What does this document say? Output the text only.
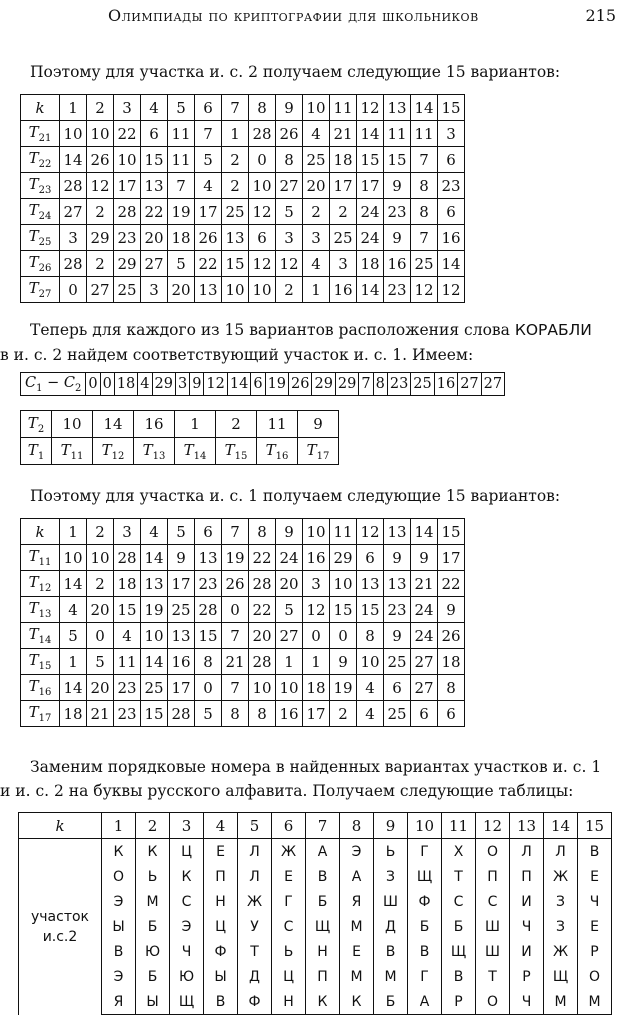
Олимпиады по криптографии для школьников	215
Поэтому для участка и. с. 2 получаем следующие 15 вариантов:
k	1	2	3	4	5	6	7	8	9	10	11	12	13	14	15
$T_{21}$	10	10	22	6	11	7	1	28	26	4	21	14	11	11	3
$T_{22}$	14	26	10	15	11	5	2	0	8	25	18	15	15	7	6
$T_{23}$	28	12	17	13	7	4	2	10	27	20	17	17	9	8	23
$T_{24}$	27	2	28	22	19	17	25	12	5	2	2	24	23	8	6
$T_{25}$	3	29	23	20	18	26	13	6	3	3	25	24	9	7	16
$T_{26}$	28	2	29	27	5	22	15	12	12	4	3	18	16	25	14
$T_{27}$	0	27	25	3	20	13	10	10	2	1	16	14	23	12	12
Теперь для каждого из 15 вариантов расположения слова КОРАБЛИ
в и. с. 2 найдем соответствующий участок и. с. 1. Имеем:
$C_1 - C_2$	0	0	18	4	29	3	9	12	14	6	19	26	29	29	7	8	23	25	16	27	27
$T_2$	10	14	16	1	2	11	9
$T_1$	$T_{11}$	$T_{12}$	$T_{13}$	$T_{14}$	$T_{15}$	$T_{16}$	$T_{17}$
Поэтому для участка и. с. 1 получаем следующие 15 вариантов:
k	1	2	3	4	5	6	7	8	9	10	11	12	13	14	15
$T_{11}$	10	10	28	14	9	13	19	22	24	16	29	6	9	9	17
$T_{12}$	14	2	18	13	17	23	26	28	20	3	10	13	13	21	22
$T_{13}$	4	20	15	19	25	28	0	22	5	12	15	15	23	24	9
$T_{14}$	5	0	4	10	13	15	7	20	27	0	0	8	9	24	26
$T_{15}$	1	5	11	14	16	8	21	28	1	1	9	10	25	27	18
$T_{16}$	14	20	23	25	17	0	7	10	10	18	19	4	6	27	8
$T_{17}$	18	21	23	15	28	5	8	8	16	17	2	4	25	6	6
Заменим порядковые номера в найденных вариантах участков и. с. 1
и и. с. 2 на буквы русского алфавита. Получаем следующие таблицы:
k	1	2	3	4	5	6	7	8	9	10	11	12	13	14	15

участок
и.с.2	К	К	Ц	Е	Л	Ж	А	Э	Ь	Г	Х	О	Л	Л	В
	О	Ь	К	П	Л	Е	В	А	З	Щ	Т	П	П	Ж	Е
	Э	М	С	Н	Ж	Г	Б	Я	Ш	Ф	С	С	И	З	Ч
	Ы	Б	Э	Ц	У	С	Щ	М	Д	Б	Б	Ш	Ч	З	Е
	В	Ю	Ч	Ф	Т	Ь	Н	Е	В	В	Щ	Ш	И	Ж	Р
	Э	Б	Ю	Ы	Д	Ц	П	М	М	Г	В	Т	Р	Щ	О
	Я	Ы	Щ	В	Ф	Н	К	К	Б	А	Р	О	Ч	М	М
